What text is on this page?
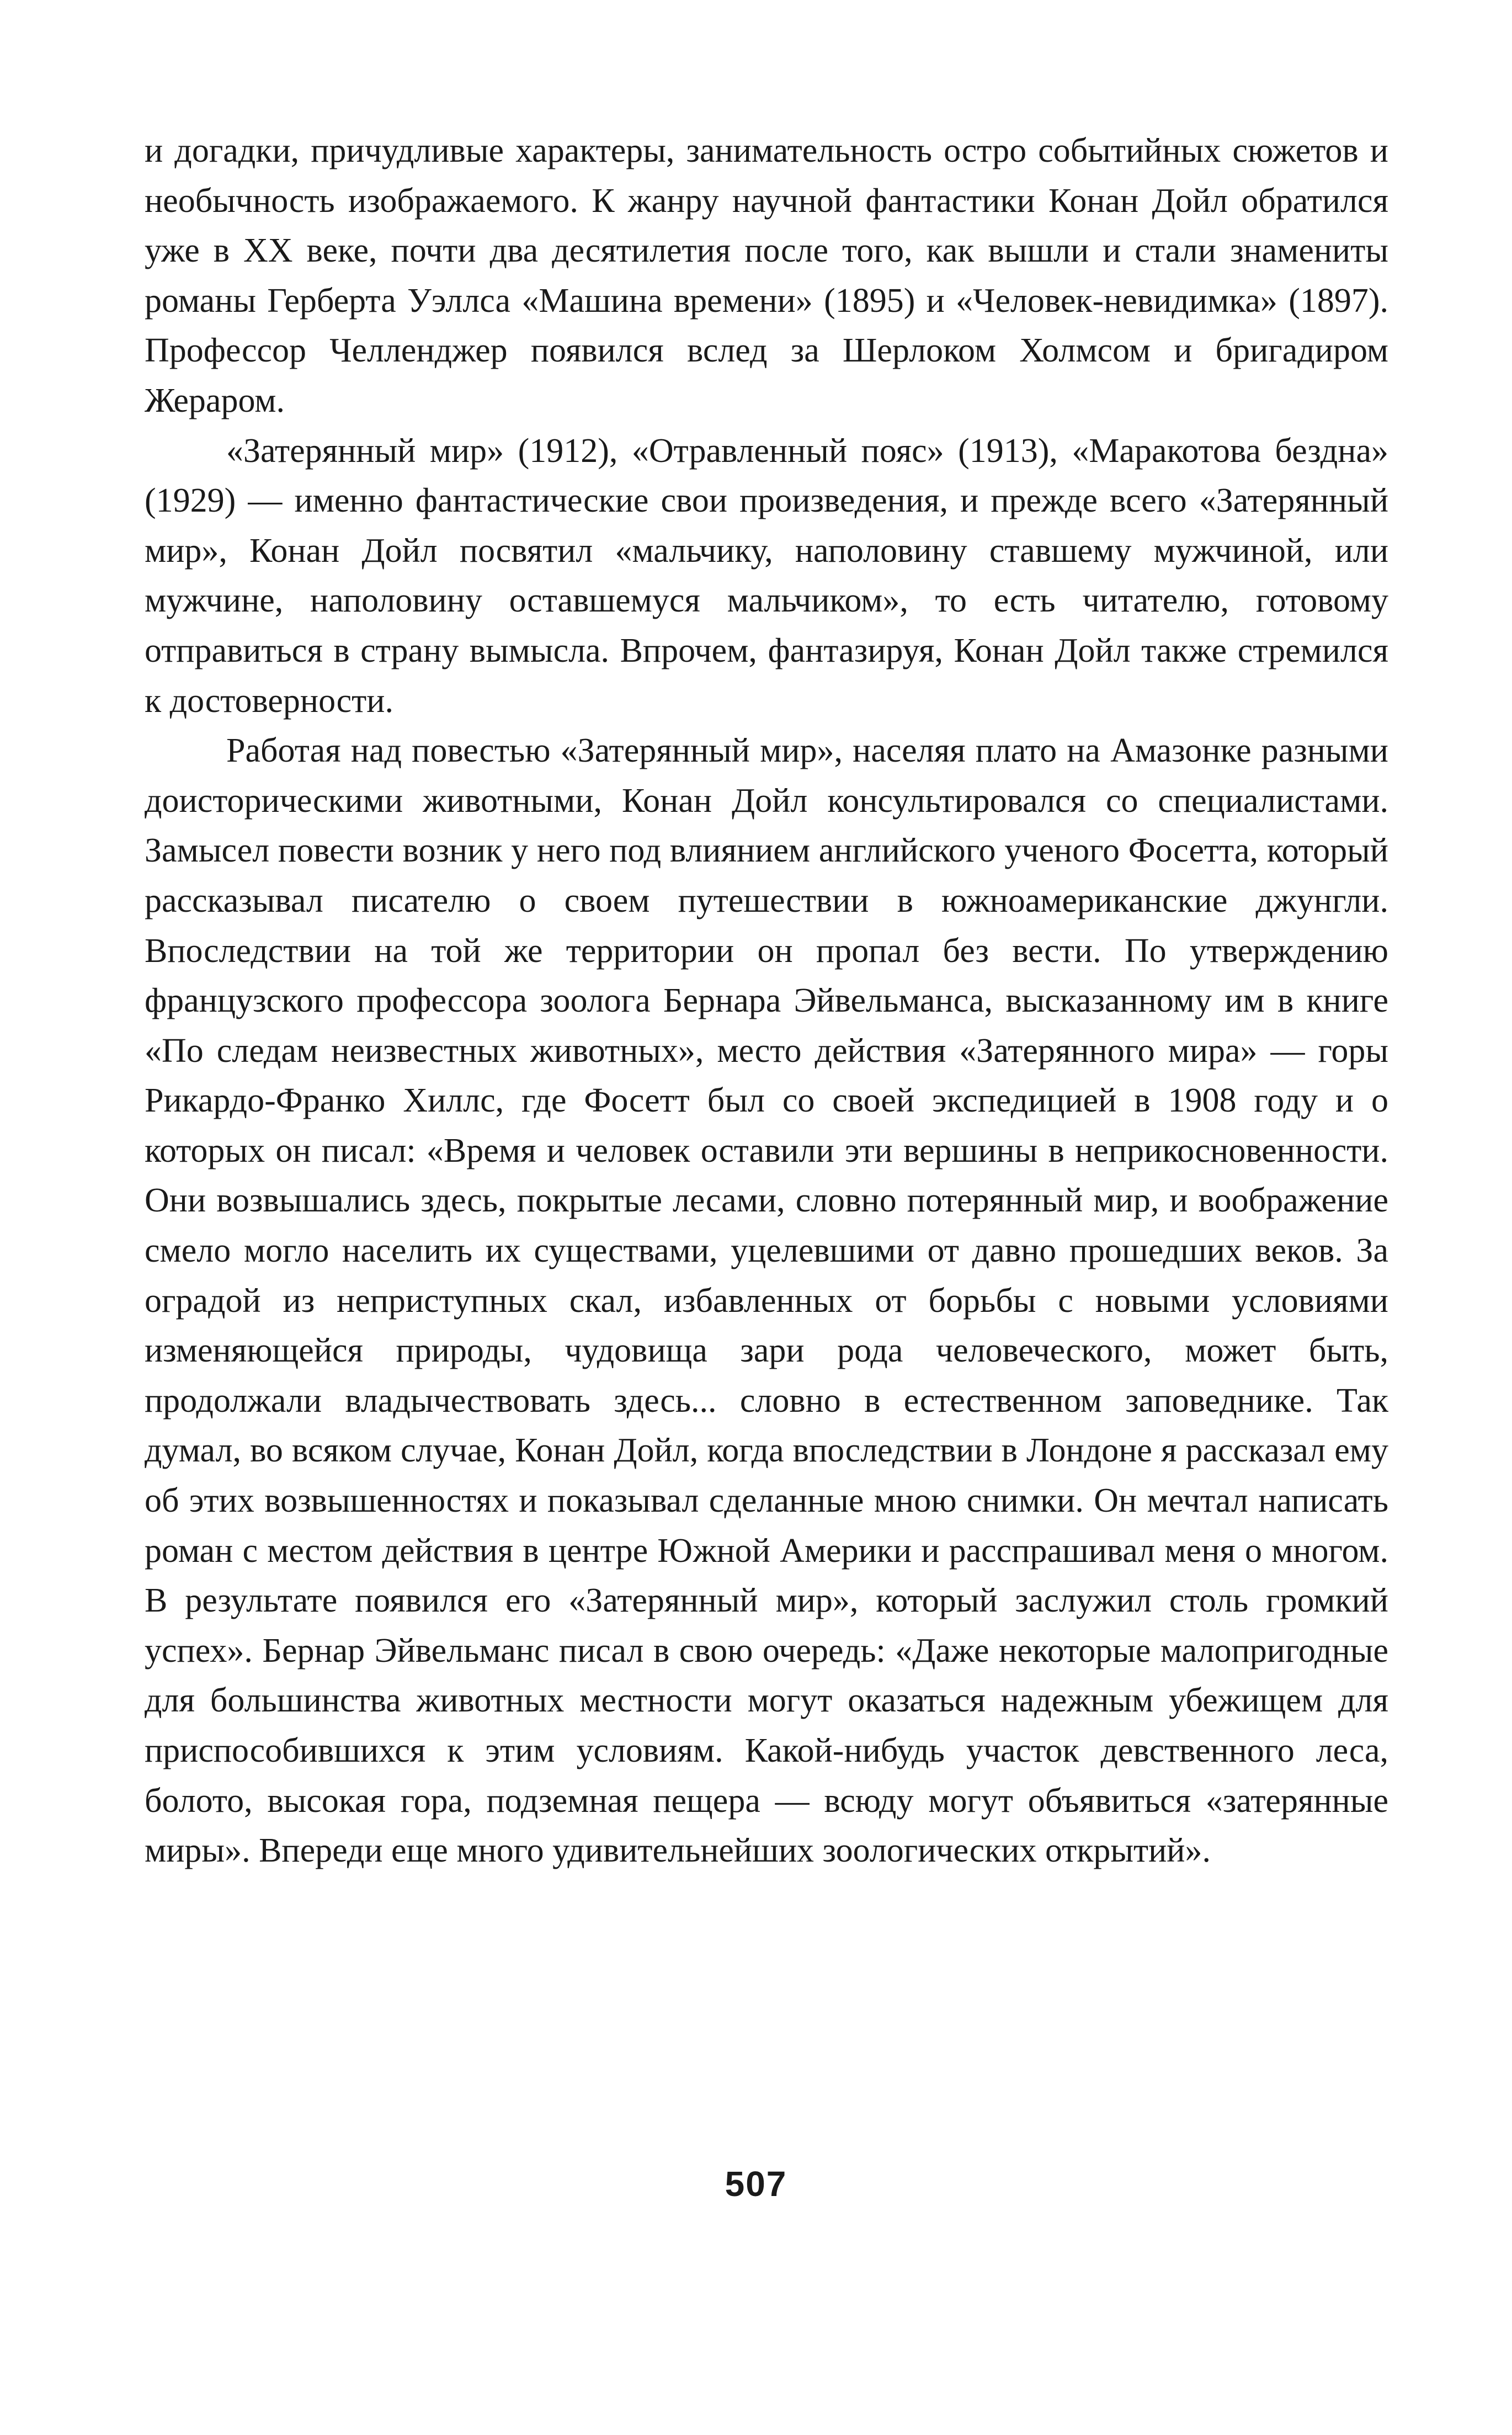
и догадки, причудливые характеры, занимательность остро событийных сюжетов и необычность изображаемого. К жанру научной фантастики Конан Дойл обратился уже в XX веке, почти два десятилетия после того, как вышли и стали знамениты романы Герберта Уэллса «Машина времени» (1895) и «Человек-невидимка» (1897). Профессор Челленджер появился вслед за Шерлоком Холмсом и бригадиром Жераром.

«Затерянный мир» (1912), «Отравленный пояс» (1913), «Маракотова бездна» (1929) — именно фантастические свои произведения, и прежде всего «Затерянный мир», Конан Дойл посвятил «мальчику, наполовину ставшему мужчиной, или мужчине, наполовину оставшемуся мальчиком», то есть читателю, готовому отправиться в страну вымысла. Впрочем, фантазируя, Конан Дойл также стремился к достоверности.

Работая над повестью «Затерянный мир», населяя плато на Амазонке разными доисторическими животными, Конан Дойл консультировался со специалистами. Замысел повести возник у него под влиянием английского ученого Фосетта, который рассказывал писателю о своем путешествии в южноамериканские джунгли. Впоследствии на той же территории он пропал без вести. По утверждению французского профессора зоолога Бернара Эйвельманса, высказанному им в книге «По следам неизвестных животных», место действия «Затерянного мира» — горы Рикардо-Франко Хиллс, где Фосетт был со своей экспедицией в 1908 году и о которых он писал: «Время и человек оставили эти вершины в неприкосновенности. Они возвышались здесь, покрытые лесами, словно потерянный мир, и воображение смело могло населить их существами, уцелевшими от давно прошедших веков. За оградой из неприступных скал, избавленных от борьбы с новыми условиями изменяющейся природы, чудовища зари рода человеческого, может быть, продолжали владычествовать здесь... словно в естественном заповеднике. Так думал, во всяком случае, Конан Дойл, когда впоследствии в Лондоне я рассказал ему об этих возвышенностях и показывал сделанные мною снимки. Он мечтал написать роман с местом действия в центре Южной Америки и расспрашивал меня о многом. В результате появился его «Затерянный мир», который заслужил столь громкий успех». Бернар Эйвельманс писал в свою очередь: «Даже некоторые малопригодные для большинства животных местности могут оказаться надежным убежищем для приспособившихся к этим условиям. Какой-нибудь участок девственного леса, болото, высокая гора, подземная пещера — всюду могут объявиться «затерянные миры». Впереди еще много удивительнейших зоологических открытий».

507
